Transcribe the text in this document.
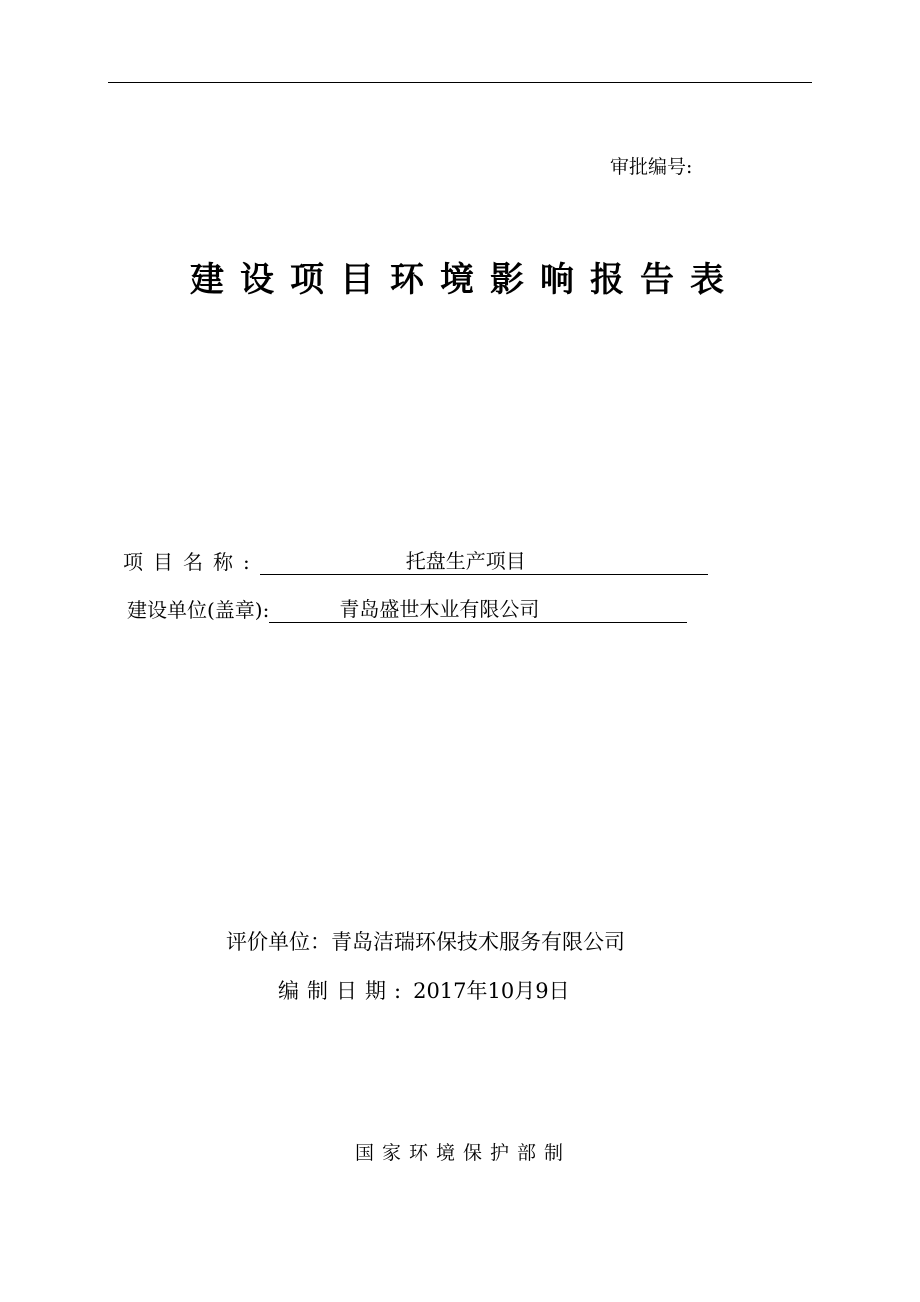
审批编号:
建设项目环境影响报告表
项目名称:	托盘生产项目
建设单位(盖章):	青岛盛世木业有限公司
评价单位：青岛洁瑞环保技术服务有限公司
编制日期: 2017年10月9日
国家环境保护部制
